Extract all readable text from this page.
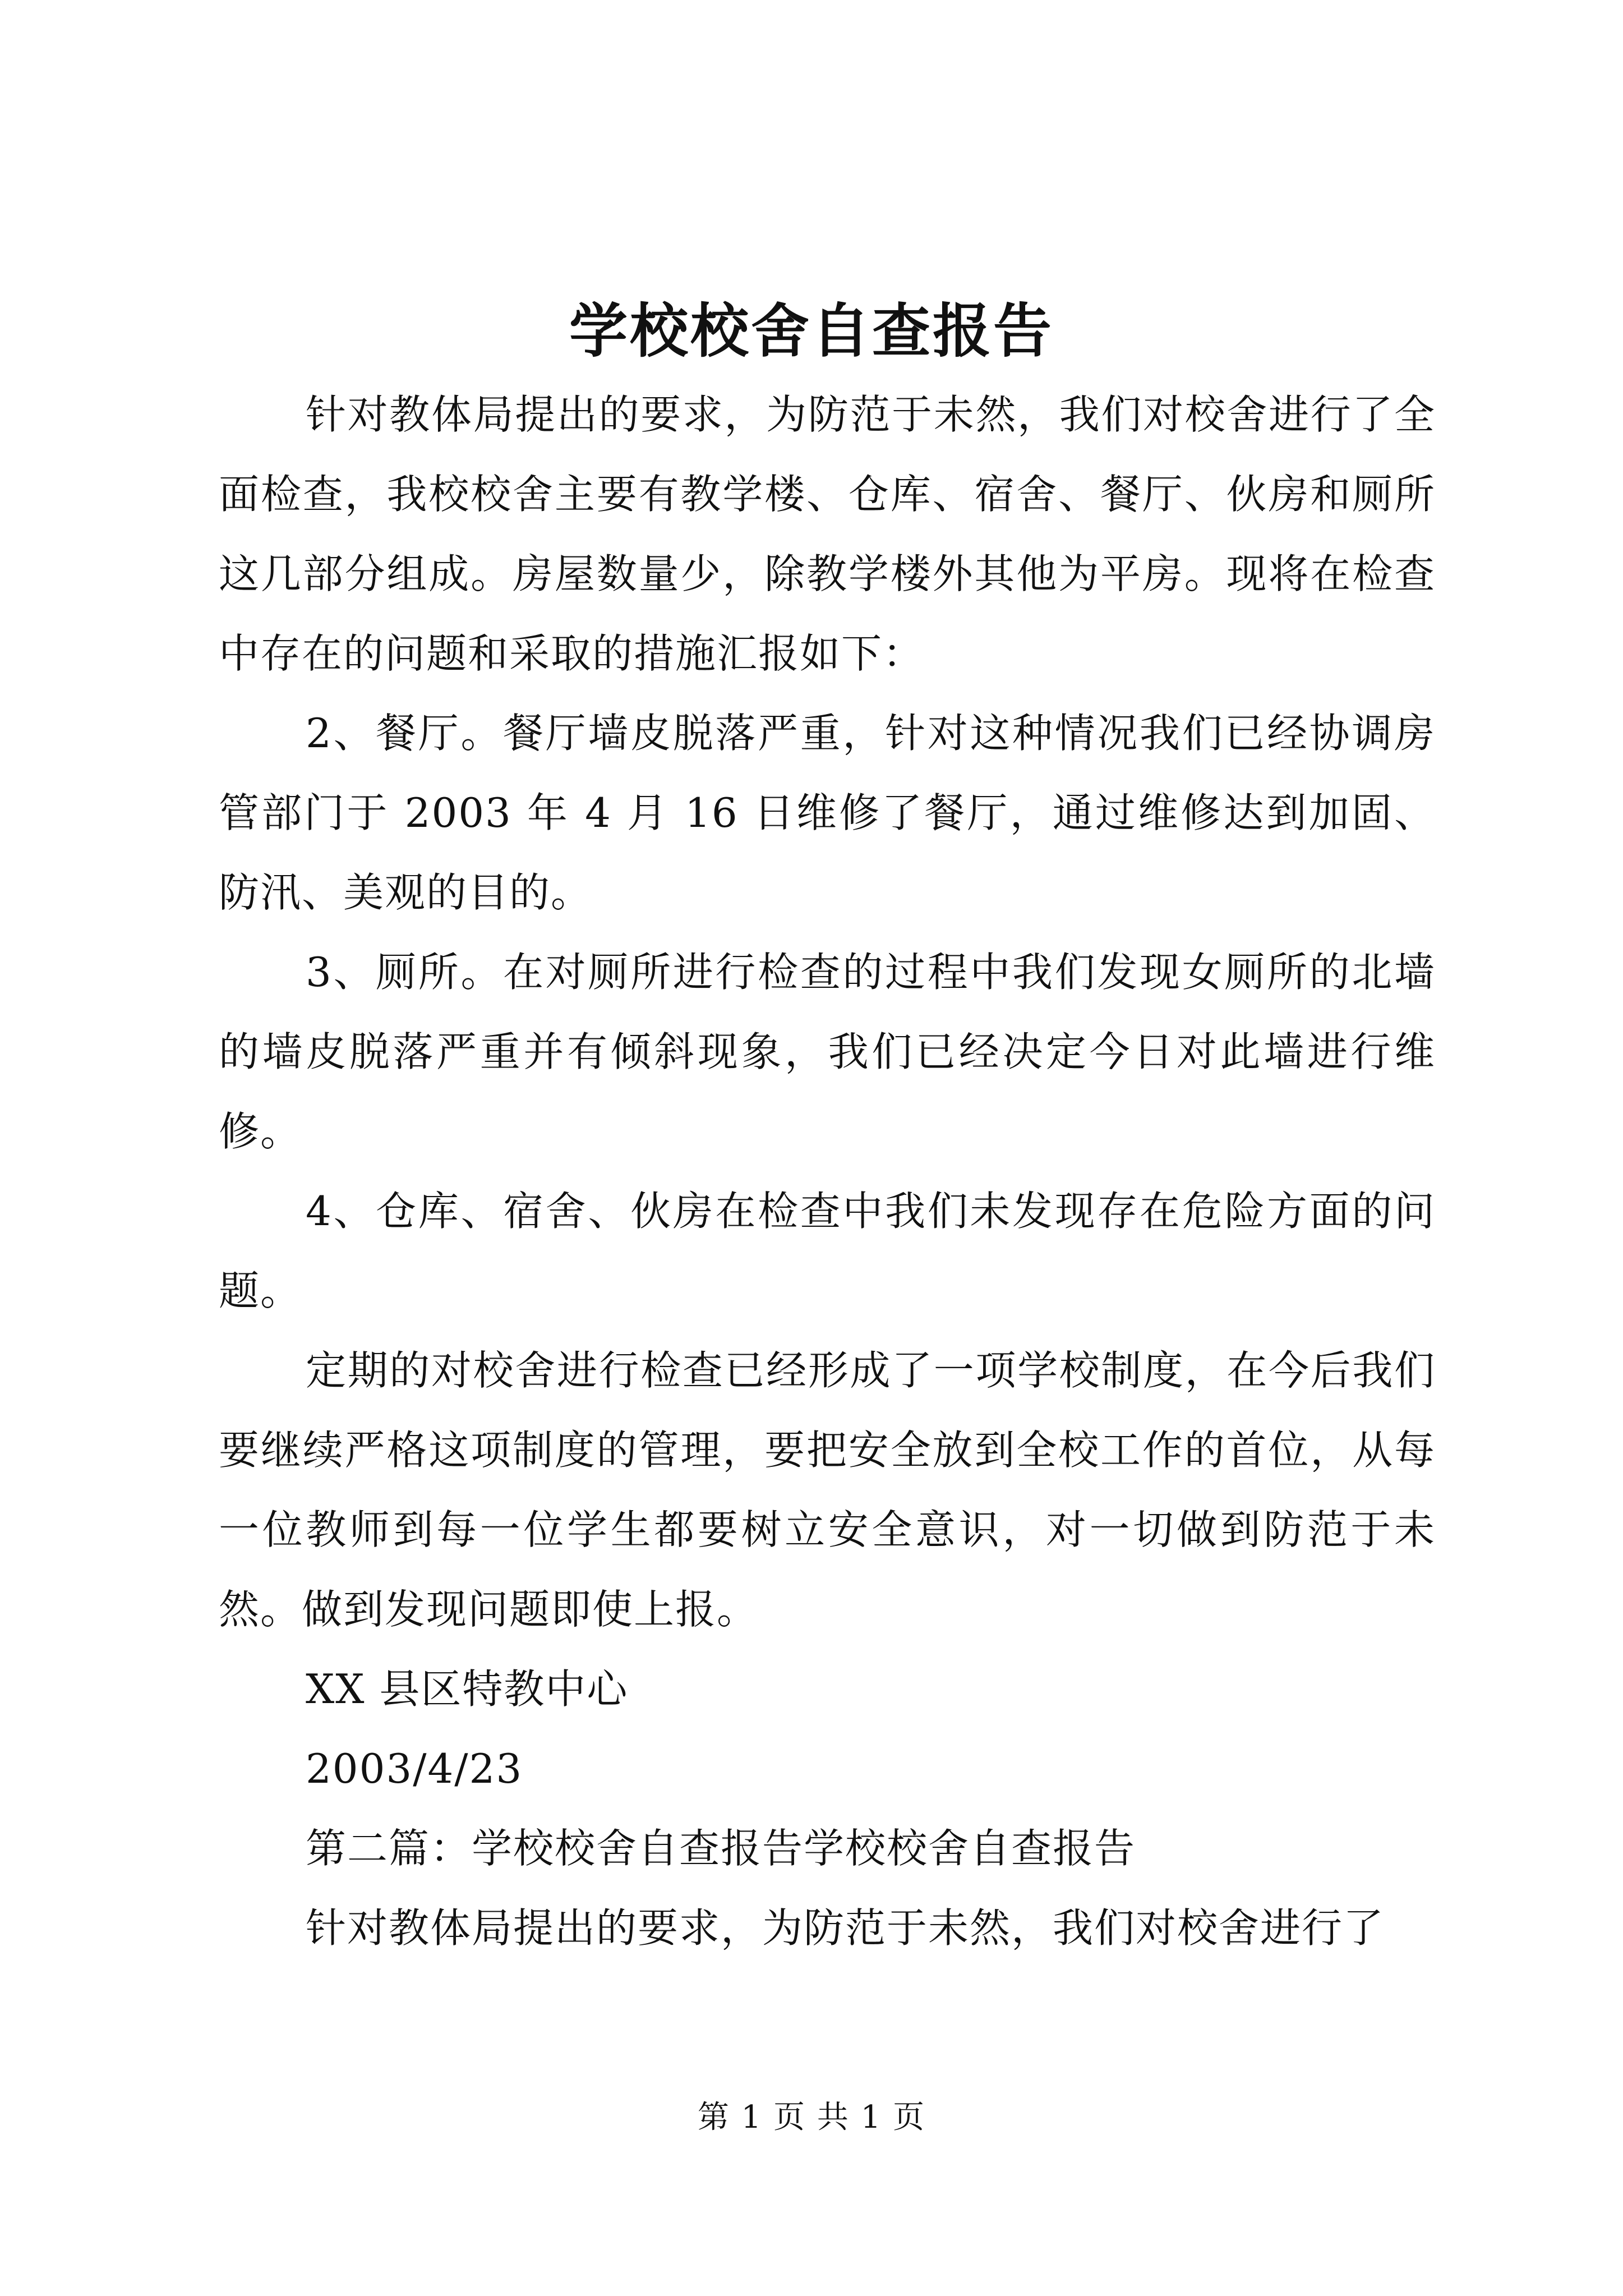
学校校舍自查报告

针对教体局提出的要求，为防范于未然，我们对校舍进行了全面检查，我校校舍主要有教学楼、仓库、宿舍、餐厅、伙房和厕所这几部分组成。房屋数量少，除教学楼外其他为平房。现将在检查中存在的问题和采取的措施汇报如下：

2、餐厅。餐厅墙皮脱落严重，针对这种情况我们已经协调房管部门于 2003 年 4 月 16 日维修了餐厅，通过维修达到加固、防汛、美观的目的。

3、厕所。在对厕所进行检查的过程中我们发现女厕所的北墙的墙皮脱落严重并有倾斜现象，我们已经决定今日对此墙进行维修。

4、仓库、宿舍、伙房在检查中我们未发现存在危险方面的问题。

定期的对校舍进行检查已经形成了一项学校制度，在今后我们要继续严格这项制度的管理，要把安全放到全校工作的首位，从每一位教师到每一位学生都要树立安全意识，对一切做到防范于未然。做到发现问题即使上报。

XX 县区特教中心

2003/4/23

第二篇：学校校舍自查报告学校校舍自查报告

针对教体局提出的要求，为防范于未然，我们对校舍进行了

第 1 页 共 1 页
